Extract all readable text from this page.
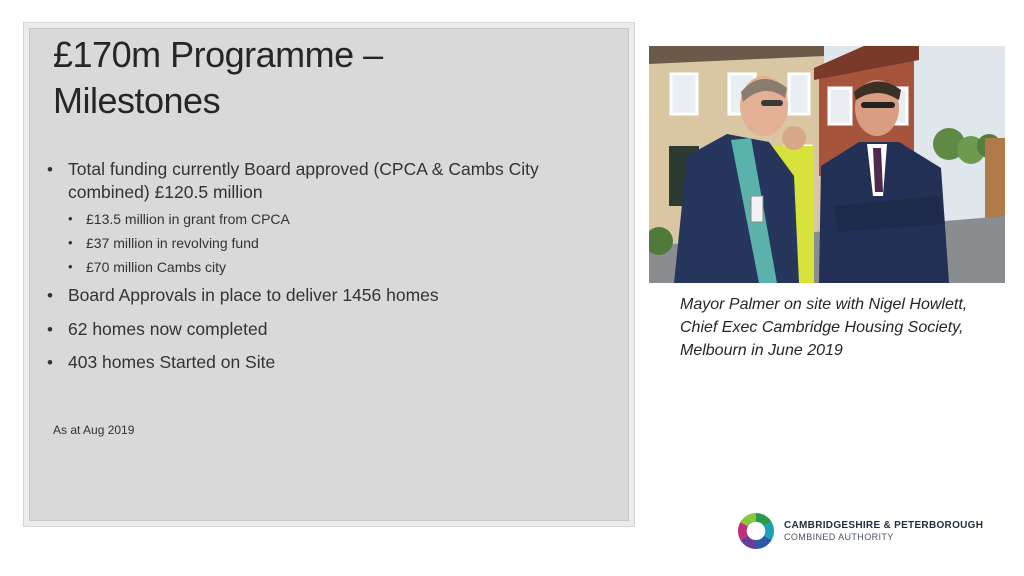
£170m Programme –
Milestones
• Total funding currently Board approved (CPCA & Cambs City combined) £120.5 million
• £13.5 million in grant from CPCA
• £37 million in revolving fund
• £70 million Cambs city
• Board Approvals in place to deliver 1456 homes
• 62 homes now completed
• 403 homes Started on Site
As at Aug 2019
Mayor Palmer on site with Nigel Howlett,
Chief Exec Cambridge Housing Society,
Melbourn in June 2019
CAMBRIDGESHIRE & PETERBOROUGH
COMBINED AUTHORITY
